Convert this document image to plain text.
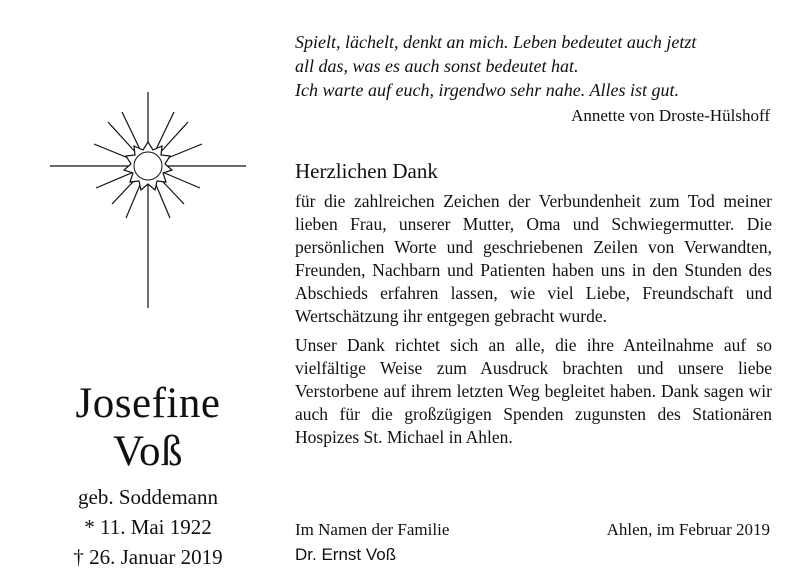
Josefine
Voß
geb. Soddemann
* 11. Mai 1922
† 26. Januar 2019

Spielt, lächelt, denkt an mich. Leben bedeutet auch jetzt

all das, was es auch sonst bedeutet hat.

Ich warte auf euch, irgendwo sehr nahe. Alles ist gut.

Annette von Droste-Hülshoff
Herzlichen Dank

für die zahlreichen Zeichen der Verbundenheit zum Tod meiner lieben Frau, unserer Mutter, Oma und Schwiegermutter. Die persönlichen Worte und geschriebenen Zeilen von Verwandten, Freunden, Nachbarn und Patienten haben uns in den Stunden des Abschieds erfahren lassen, wie viel Liebe, Freundschaft und Wertschätzung ihr entgegen gebracht wurde.

Unser Dank richtet sich an alle, die ihre Anteilnahme auf so vielfältige Weise zum Ausdruck brachten und unsere liebe Verstorbene auf ihrem letzten Weg begleitet haben. Dank sagen wir auch für die großzügigen Spenden zugunsten des Stationären Hospizes St. Michael in Ahlen.

Im Namen der Familie
Dr. Ernst Voß
Ahlen, im Februar 2019
